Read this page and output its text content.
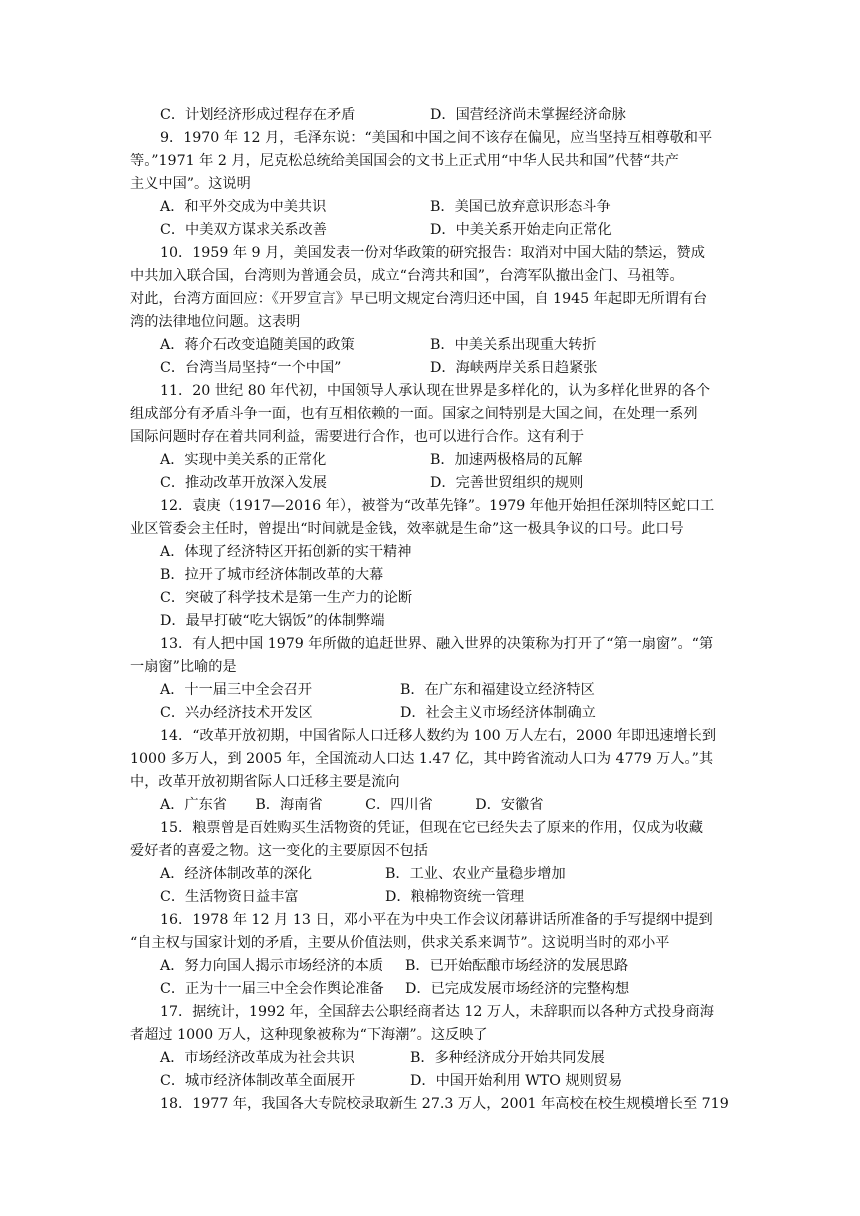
C．计划经济形成过程存在矛盾	D．国营经济尚未掌握经济命脉
9．1970 年 12 月，毛泽东说：“美国和中国之间不该存在偏见，应当坚持互相尊敬和平
等。”1971 年 2 月，尼克松总统给美国国会的文书上正式用“中华人民共和国”代替“共产
主义中国”。这说明
A．和平外交成为中美共识	B．美国已放弃意识形态斗争
C．中美双方谋求关系改善	D．中美关系开始走向正常化
10．1959 年 9 月，美国发表一份对华政策的研究报告：取消对中国大陆的禁运，赞成
中共加入联合国，台湾则为普通会员，成立“台湾共和国”，台湾军队撤出金门、马祖等。
对此，台湾方面回应：《开罗宣言》早已明文规定台湾归还中国，自 1945 年起即无所谓有台
湾的法律地位问题。这表明
A．蒋介石改变追随美国的政策	B．中美关系出现重大转折
C．台湾当局坚持“一个中国”	D．海峡两岸关系日趋紧张
11．20 世纪 80 年代初，中国领导人承认现在世界是多样化的，认为多样化世界的各个
组成部分有矛盾斗争一面，也有互相依赖的一面。国家之间特别是大国之间，在处理一系列
国际问题时存在着共同利益，需要进行合作，也可以进行合作。这有利于
A．实现中美关系的正常化	B．加速两极格局的瓦解
C．推动改革开放深入发展	D．完善世贸组织的规则
12．袁庚（1917—2016 年），被誉为“改革先锋”。1979 年他开始担任深圳特区蛇口工
业区管委会主任时，曾提出“时间就是金钱，效率就是生命”这一极具争议的口号。此口号
A．体现了经济特区开拓创新的实干精神
B．拉开了城市经济体制改革的大幕
C．突破了科学技术是第一生产力的论断
D．最早打破“吃大锅饭”的体制弊端
13．有人把中国 1979 年所做的追赶世界、融入世界的决策称为打开了“第一扇窗”。“第
一扇窗”比喻的是
A．十一届三中全会召开	B．在广东和福建设立经济特区
C．兴办经济技术开发区	D．社会主义市场经济体制确立
14．“改革开放初期，中国省际人口迁移人数约为 100 万人左右，2000 年即迅速增长到
1000 多万人，到 2005 年，全国流动人口达 1.47 亿，其中跨省流动人口为 4779 万人。”其
中，改革开放初期省际人口迁移主要是流向
A．广东省　　B．海南省　　　C．四川省　　　D．安徽省
15．粮票曾是百姓购买生活物资的凭证，但现在它已经失去了原来的作用，仅成为收藏
爱好者的喜爱之物。这一变化的主要原因不包括
A．经济体制改革的深化	B．工业、农业产量稳步增加
C．生活物资日益丰富	D．粮棉物资统一管理
16．1978 年 12 月 13 日，邓小平在为中央工作会议闭幕讲话所准备的手写提纲中提到
“自主权与国家计划的矛盾，主要从价值法则，供求关系来调节”。这说明当时的邓小平
A．努力向国人揭示市场经济的本质 B．已开始酝酿市场经济的发展思路
C．正为十一届三中全会作舆论准备 D．已完成发展市场经济的完整构想
17．据统计，1992 年，全国辞去公职经商者达 12 万人，未辞职而以各种方式投身商海
者超过 1000 万人，这种现象被称为“下海潮”。这反映了
A．市场经济改革成为社会共识	B．多种经济成分开始共同发展
C．城市经济体制改革全面展开	D．中国开始利用 WTO 规则贸易
18．1977 年，我国各大专院校录取新生 27.3 万人，2001 年高校在校生规模增长至 719
